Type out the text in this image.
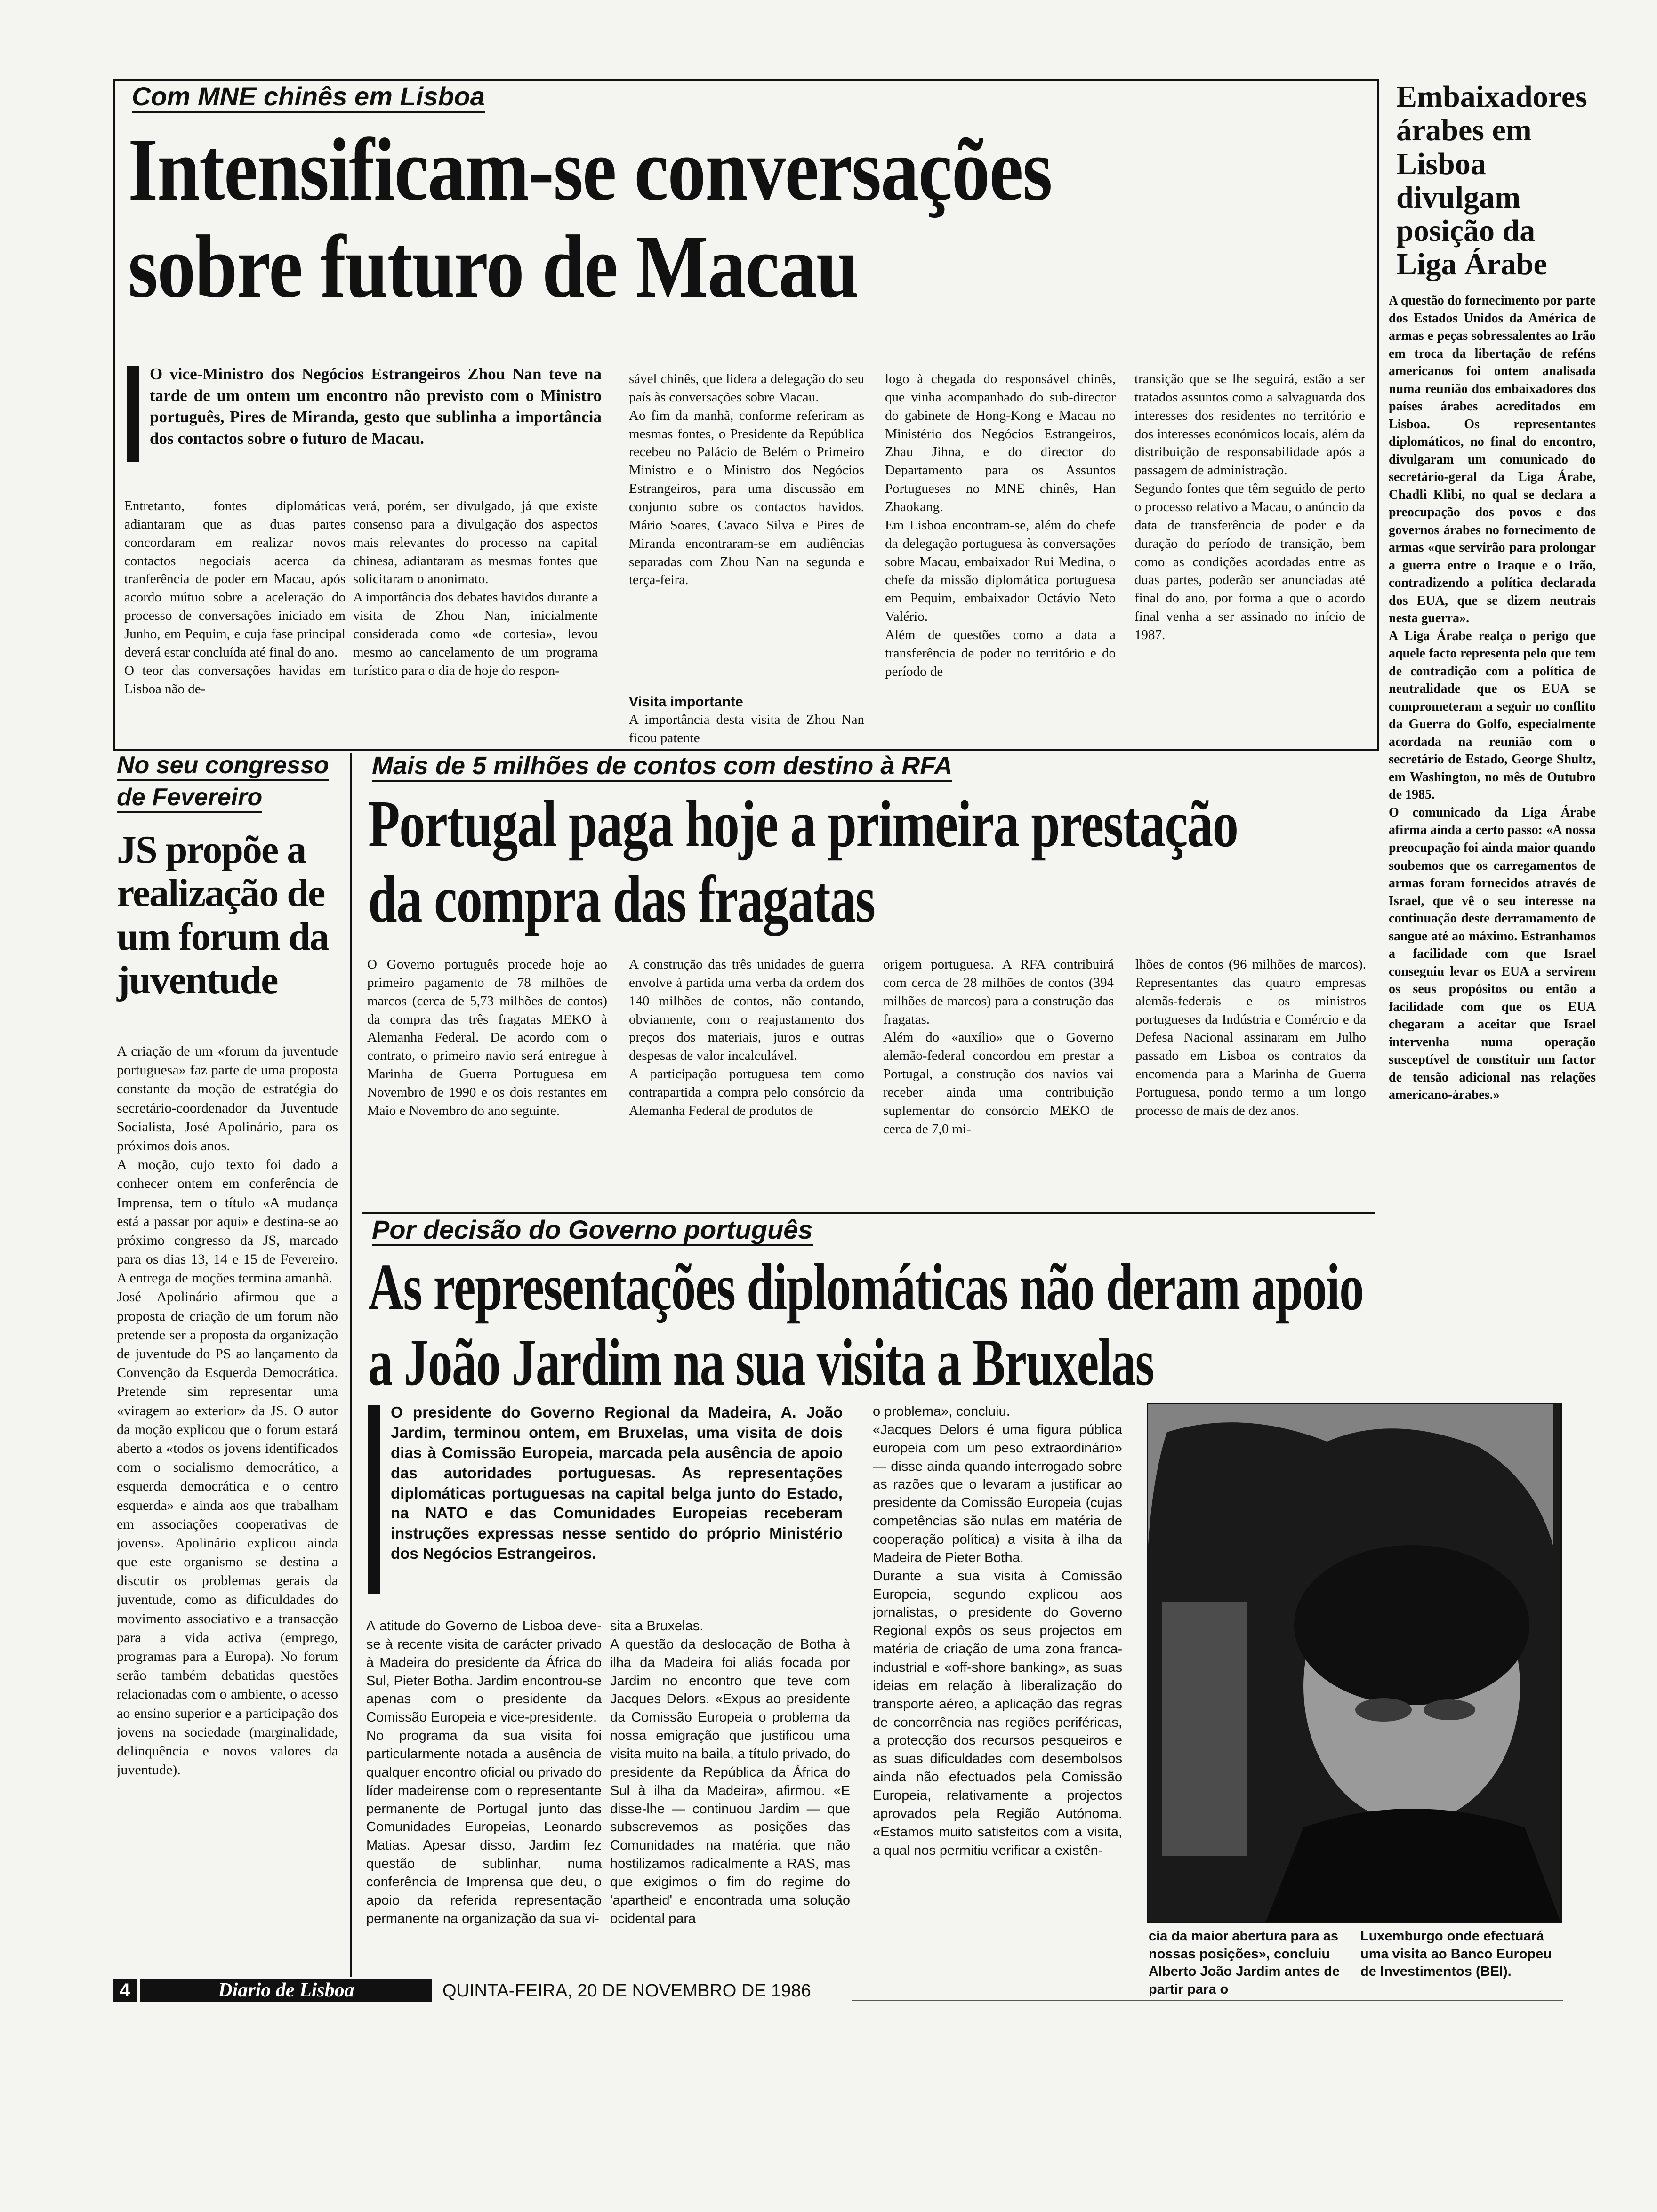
Com MNE chinês em Lisboa
Intensificam-se conversações
sobre futuro de Macau
O vice-Ministro dos Negócios Estrangeiros Zhou Nan teve na tarde de um ontem um encontro não previsto com o Ministro português, Pires de Miranda, gesto que sublinha a importância dos contactos sobre o futuro de Macau.
Entretanto, fontes diplomáticas adiantaram que as duas partes concordaram em realizar novos contactos negociais acerca da tranferência de poder em Macau, após acordo mútuo sobre a aceleração do processo de conversações iniciado em Junho, em Pequim, e cuja fase principal deverá estar concluída até final do ano.
O teor das conversações havidas em Lisboa não de-
verá, porém, ser divulgado, já que existe consenso para a divulgação dos aspectos mais relevantes do processo na capital chinesa, adiantaram as mesmas fontes que solicitaram o anonimato.
A importância dos debates havidos durante a visita de Zhou Nan, inicialmente considerada como «de cortesia», levou mesmo ao cancelamento de um programa turístico para o dia de hoje do respon-
sável chinês, que lidera a delegação do seu país às conversações sobre Macau.
Ao fim da manhã, conforme referiram as mesmas fontes, o Presidente da República recebeu no Palácio de Belém o Primeiro Ministro e o Ministro dos Negócios Estrangeiros, para uma discussão em conjunto sobre os contactos havidos. Mário Soares, Cavaco Silva e Pires de Miranda encontraram-se em audiências separadas com Zhou Nan na segunda e terça-feira.
Visita importante
A importância desta visita de Zhou Nan ficou patente
logo à chegada do responsável chinês, que vinha acompanhado do sub-director do gabinete de Hong-Kong e Macau no Ministério dos Negócios Estrangeiros, Zhau Jihna, e do director do Departamento para os Assuntos Portugueses no MNE chinês, Han Zhaokang.
Em Lisboa encontram-se, além do chefe da delegação portuguesa às conversações sobre Macau, embaixador Rui Medina, o chefe da missão diplomática portuguesa em Pequim, embaixador Octávio Neto Valério.
Além de questões como a data a transferência de poder no território e do período de
transição que se lhe seguirá, estão a ser tratados assuntos como a salvaguarda dos interesses dos residentes no território e dos interesses económicos locais, além da distribuição de responsabilidade após a passagem de administração.
Segundo fontes que têm seguido de perto o processo relativo a Macau, o anúncio da data de transferência de poder e da duração do período de transição, bem como as condições acordadas entre as duas partes, poderão ser anunciadas até final do ano, por forma a que o acordo final venha a ser assinado no início de 1987.
Embaixadores árabes em Lisboa divulgam posição da Liga Árabe
A questão do fornecimento por parte dos Estados Unidos da América de armas e peças sobressalentes ao Irão em troca da libertação de reféns americanos foi ontem analisada numa reunião dos embaixadores dos países árabes acreditados em Lisboa. Os representantes diplomáticos, no final do encontro, divulgaram um comunicado do secretário-geral da Liga Árabe, Chadli Klibi, no qual se declara a preocupação dos povos e dos governos árabes no fornecimento de armas «que servirão para prolongar a guerra entre o Iraque e o Irão, contradizendo a política declarada dos EUA, que se dizem neutrais nesta guerra».
A Liga Árabe realça o perigo que aquele facto representa pelo que tem de contradição com a política de neutralidade que os EUA se comprometeram a seguir no conflito da Guerra do Golfo, especialmente acordada na reunião com o secretário de Estado, George Shultz, em Washington, no mês de Outubro de 1985.
O comunicado da Liga Árabe afirma ainda a certo passo: «A nossa preocupação foi ainda maior quando soubemos que os carregamentos de armas foram fornecidos através de Israel, que vê o seu interesse na continuação deste derramamento de sangue até ao máximo. Estranhamos a facilidade com que Israel conseguiu levar os EUA a servirem os seus propósitos ou então a facilidade com que os EUA chegaram a aceitar que Israel intervenha numa operação susceptível de constituir um factor de tensão adicional nas relações americano-árabes.»
No seu congresso
de Fevereiro
JS propõe a realização de um forum da juventude
A criação de um «forum da juventude portuguesa» faz parte de uma proposta constante da moção de estratégia do secretário-coordenador da Juventude Socialista, José Apolinário, para os próximos dois anos.
A moção, cujo texto foi dado a conhecer ontem em conferência de Imprensa, tem o título «A mudança está a passar por aqui» e destina-se ao próximo congresso da JS, marcado para os dias 13, 14 e 15 de Fevereiro. A entrega de moções termina amanhã.
José Apolinário afirmou que a proposta de criação de um forum não pretende ser a proposta da organização de juventude do PS ao lançamento da Convenção da Esquerda Democrática. Pretende sim representar uma «viragem ao exterior» da JS. O autor da moção explicou que o forum estará aberto a «todos os jovens identificados com o socialismo democrático, a esquerda democrática e o centro esquerda» e ainda aos que trabalham em associações cooperativas de jovens». Apolinário explicou ainda que este organismo se destina a discutir os problemas gerais da juventude, como as dificuldades do movimento associativo e a transacção para a vida activa (emprego, programas para a Europa). No forum serão também debatidas questões relacionadas com o ambiente, o acesso ao ensino superior e a participação dos jovens na sociedade (marginalidade, delinquência e novos valores da juventude).
Mais de 5 milhões de contos com destino à RFA
Portugal paga hoje a primeira prestação
da compra das fragatas
O Governo português procede hoje ao primeiro pagamento de 78 milhões de marcos (cerca de 5,73 milhões de contos) da compra das três fragatas MEKO à Alemanha Federal. De acordo com o contrato, o primeiro navio será entregue à Marinha de Guerra Portuguesa em Novembro de 1990 e os dois restantes em Maio e Novembro do ano seguinte.
A construção das três unidades de guerra envolve à partida uma verba da ordem dos 140 milhões de contos, não contando, obviamente, com o reajustamento dos preços dos materiais, juros e outras despesas de valor incalculável.
A participação portuguesa tem como contrapartida a compra pelo consórcio da Alemanha Federal de produtos de
origem portuguesa. A RFA contribuirá com cerca de 28 milhões de contos (394 milhões de marcos) para a construção das fragatas.
Além do «auxílio» que o Governo alemão-federal concordou em prestar a Portugal, a construção dos navios vai receber ainda uma contribuição suplementar do consórcio MEKO de cerca de 7,0 mi-
lhões de contos (96 milhões de marcos). Representantes das quatro empresas alemãs-federais e os ministros portugueses da Indústria e Comércio e da Defesa Nacional assinaram em Julho passado em Lisboa os contratos da encomenda para a Marinha de Guerra Portuguesa, pondo termo a um longo processo de mais de dez anos.
Por decisão do Governo português
As representações diplomáticas não deram apoio
a João Jardim na sua visita a Bruxelas
O presidente do Governo Regional da Madeira, A. João Jardim, terminou ontem, em Bruxelas, uma visita de dois dias à Comissão Europeia, marcada pela ausência de apoio das autoridades portuguesas. As representações diplomáticas portuguesas na capital belga junto do Estado, na NATO e das Comunidades Europeias receberam instruções expressas nesse sentido do próprio Ministério dos Negócios Estrangeiros.
A atitude do Governo de Lisboa deve-se à recente visita de carácter privado à Madeira do presidente da África do Sul, Pieter Botha. Jardim encontrou-se apenas com o presidente da Comissão Europeia e vice-presidente.
No programa da sua visita foi particularmente notada a ausência de qualquer encontro oficial ou privado do líder madeirense com o representante permanente de Portugal junto das Comunidades Europeias, Leonardo Matias. Apesar disso, Jardim fez questão de sublinhar, numa conferência de Imprensa que deu, o apoio da referida representação permanente na organização da sua vi-
sita a Bruxelas.
A questão da deslocação de Botha à ilha da Madeira foi aliás focada por Jardim no encontro que teve com Jacques Delors. «Expus ao presidente da Comissão Europeia o problema da nossa emigração que justificou uma visita muito na baila, a título privado, do presidente da República da África do Sul à ilha da Madeira», afirmou. «E disse-lhe — continuou Jardim — que subscrevemos as posições das Comunidades na matéria, que não hostilizamos radicalmente a RAS, mas que exigimos o fim do regime do 'apartheid' e encontrada uma solução ocidental para
o problema», concluiu.
«Jacques Delors é uma figura pública europeia com um peso extraordinário» — disse ainda quando interrogado sobre as razões que o levaram a justificar ao presidente da Comissão Europeia (cujas competências são nulas em matéria de cooperação política) a visita à ilha da Madeira de Pieter Botha.
Durante a sua visita à Comissão Europeia, segundo explicou aos jornalistas, o presidente do Governo Regional expôs os seus projectos em matéria de criação de uma zona franca-industrial e «off-shore banking», as suas ideias em relação à liberalização do transporte aéreo, a aplicação das regras de concorrência nas regiões periféricas, a protecção dos recursos pesqueiros e as suas dificuldades com desembolsos ainda não efectuados pela Comissão Europeia, relativamente a projectos aprovados pela Região Autónoma. «Estamos muito satisfeitos com a visita, a qual nos permitiu verificar a existên-
cia da maior abertura para as nossas posições», concluiu Alberto João Jardim antes de partir para o
Luxemburgo onde efectuará uma visita ao Banco Europeu de Investimentos (BEI).
4	Diario de Lisboa	QUINTA-FEIRA, 20 DE NOVEMBRO DE 1986
